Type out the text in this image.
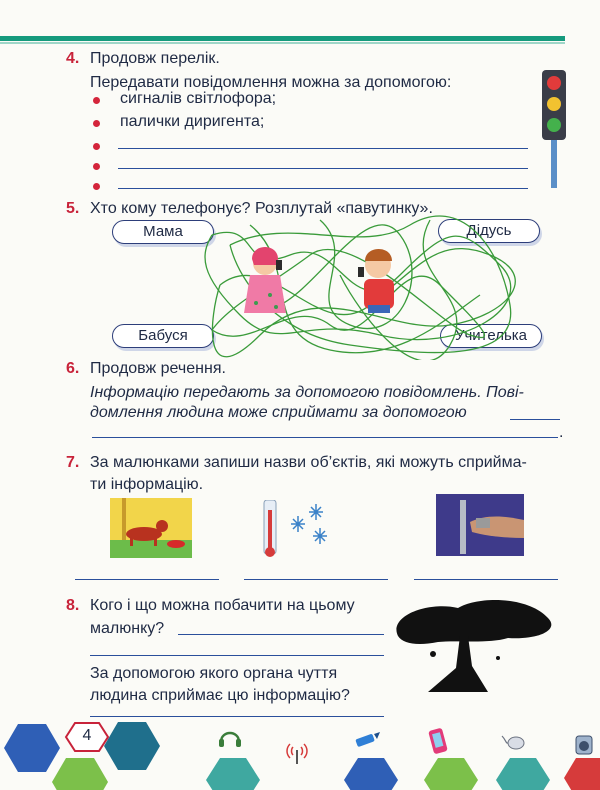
4. Продовж перелік.
Передавати повідомлення можна за допомогою:
сигналів світлофора;
палички диригента;
5. Хто кому телефонує? Розплутай «павутинку».
Мама	Дідусь
Бабуся	Учителька
6. Продовж речення.
Інформацію передають за допомогою повідомлень. Пові-
домлення людина може сприймати за допомогою
.
7. За малюнками запиши назви об’єктів, які можуть сприйма-
ти інформацію.
8. Кого і що можна побачити на цьому
малюнку?
За допомогою якого органа чуття
людина сприймає цю інформацію?
4
